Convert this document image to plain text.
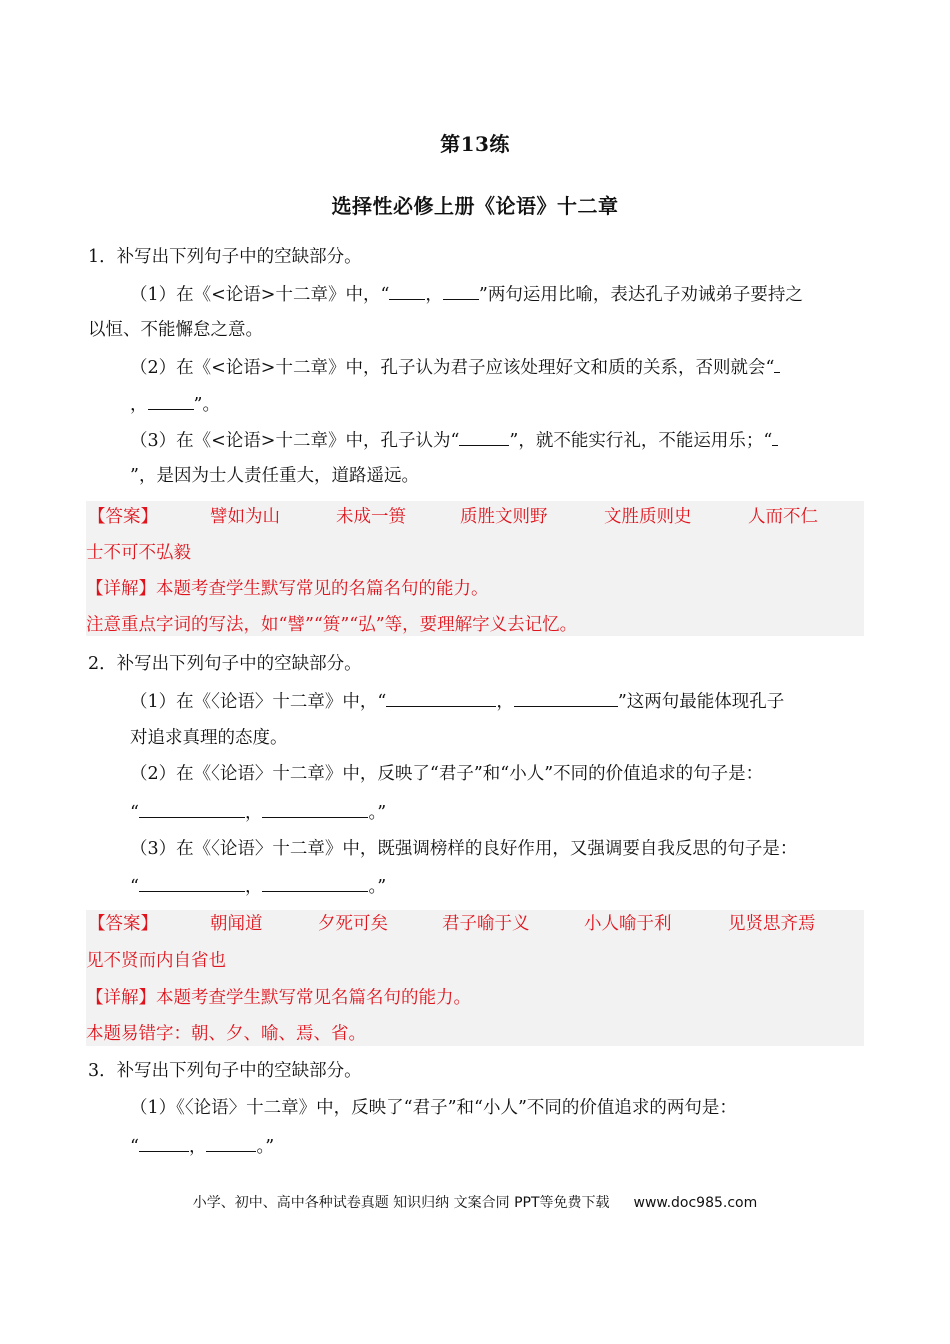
第13练
选择性必修上册《论语》十二章
1．补写出下列句子中的空缺部分。
（1）在《<论语>十二章》中，“ ， ”两句运用比喻，表达孔子劝诫弟子要持之
以恒、不能懈怠之意。
（2）在《<论语>十二章》中，孔子认为君子应该处理好文和质的关系，否则就会“
，	”。
（3）在《<论语>十二章》中，孔子认为“	”，就不能实行礼，不能运用乐；“
”，是因为士人责任重大，道路遥远。
【答案】	譬如为山	未成一篑	质胜文则野	文胜质则史	人而不仁
士不可不弘毅
【详解】本题考查学生默写常见的名篇名句的能力。
注意重点字词的写法，如“譬”“篑”“弘”等，要理解字义去记忆。
2．补写出下列句子中的空缺部分。
（1）在《〈论语〉十二章》中，“	，	”这两句最能体现孔子
对追求真理的态度。
（2）在《〈论语〉十二章》中，反映了“君子”和“小人”不同的价值追求的句子是：
“	，	。”
（3）在《〈论语〉十二章》中，既强调榜样的良好作用，又强调要自我反思的句子是：
“	，	。”
【答案】	朝闻道	夕死可矣	君子喻于义	小人喻于利	见贤思齐焉
见不贤而内自省也
【详解】本题考查学生默写常见名篇名句的能力。
本题易错字：朝、夕、喻、焉、省。
3．补写出下列句子中的空缺部分。
（1）《〈论语〉十二章》中，反映了“君子”和“小人”不同的价值追求的两句是：
“	，	。”
小学、初中、高中各种试卷真题 知识归纳 文案合同 PPT等免费下载 www.doc985.com
